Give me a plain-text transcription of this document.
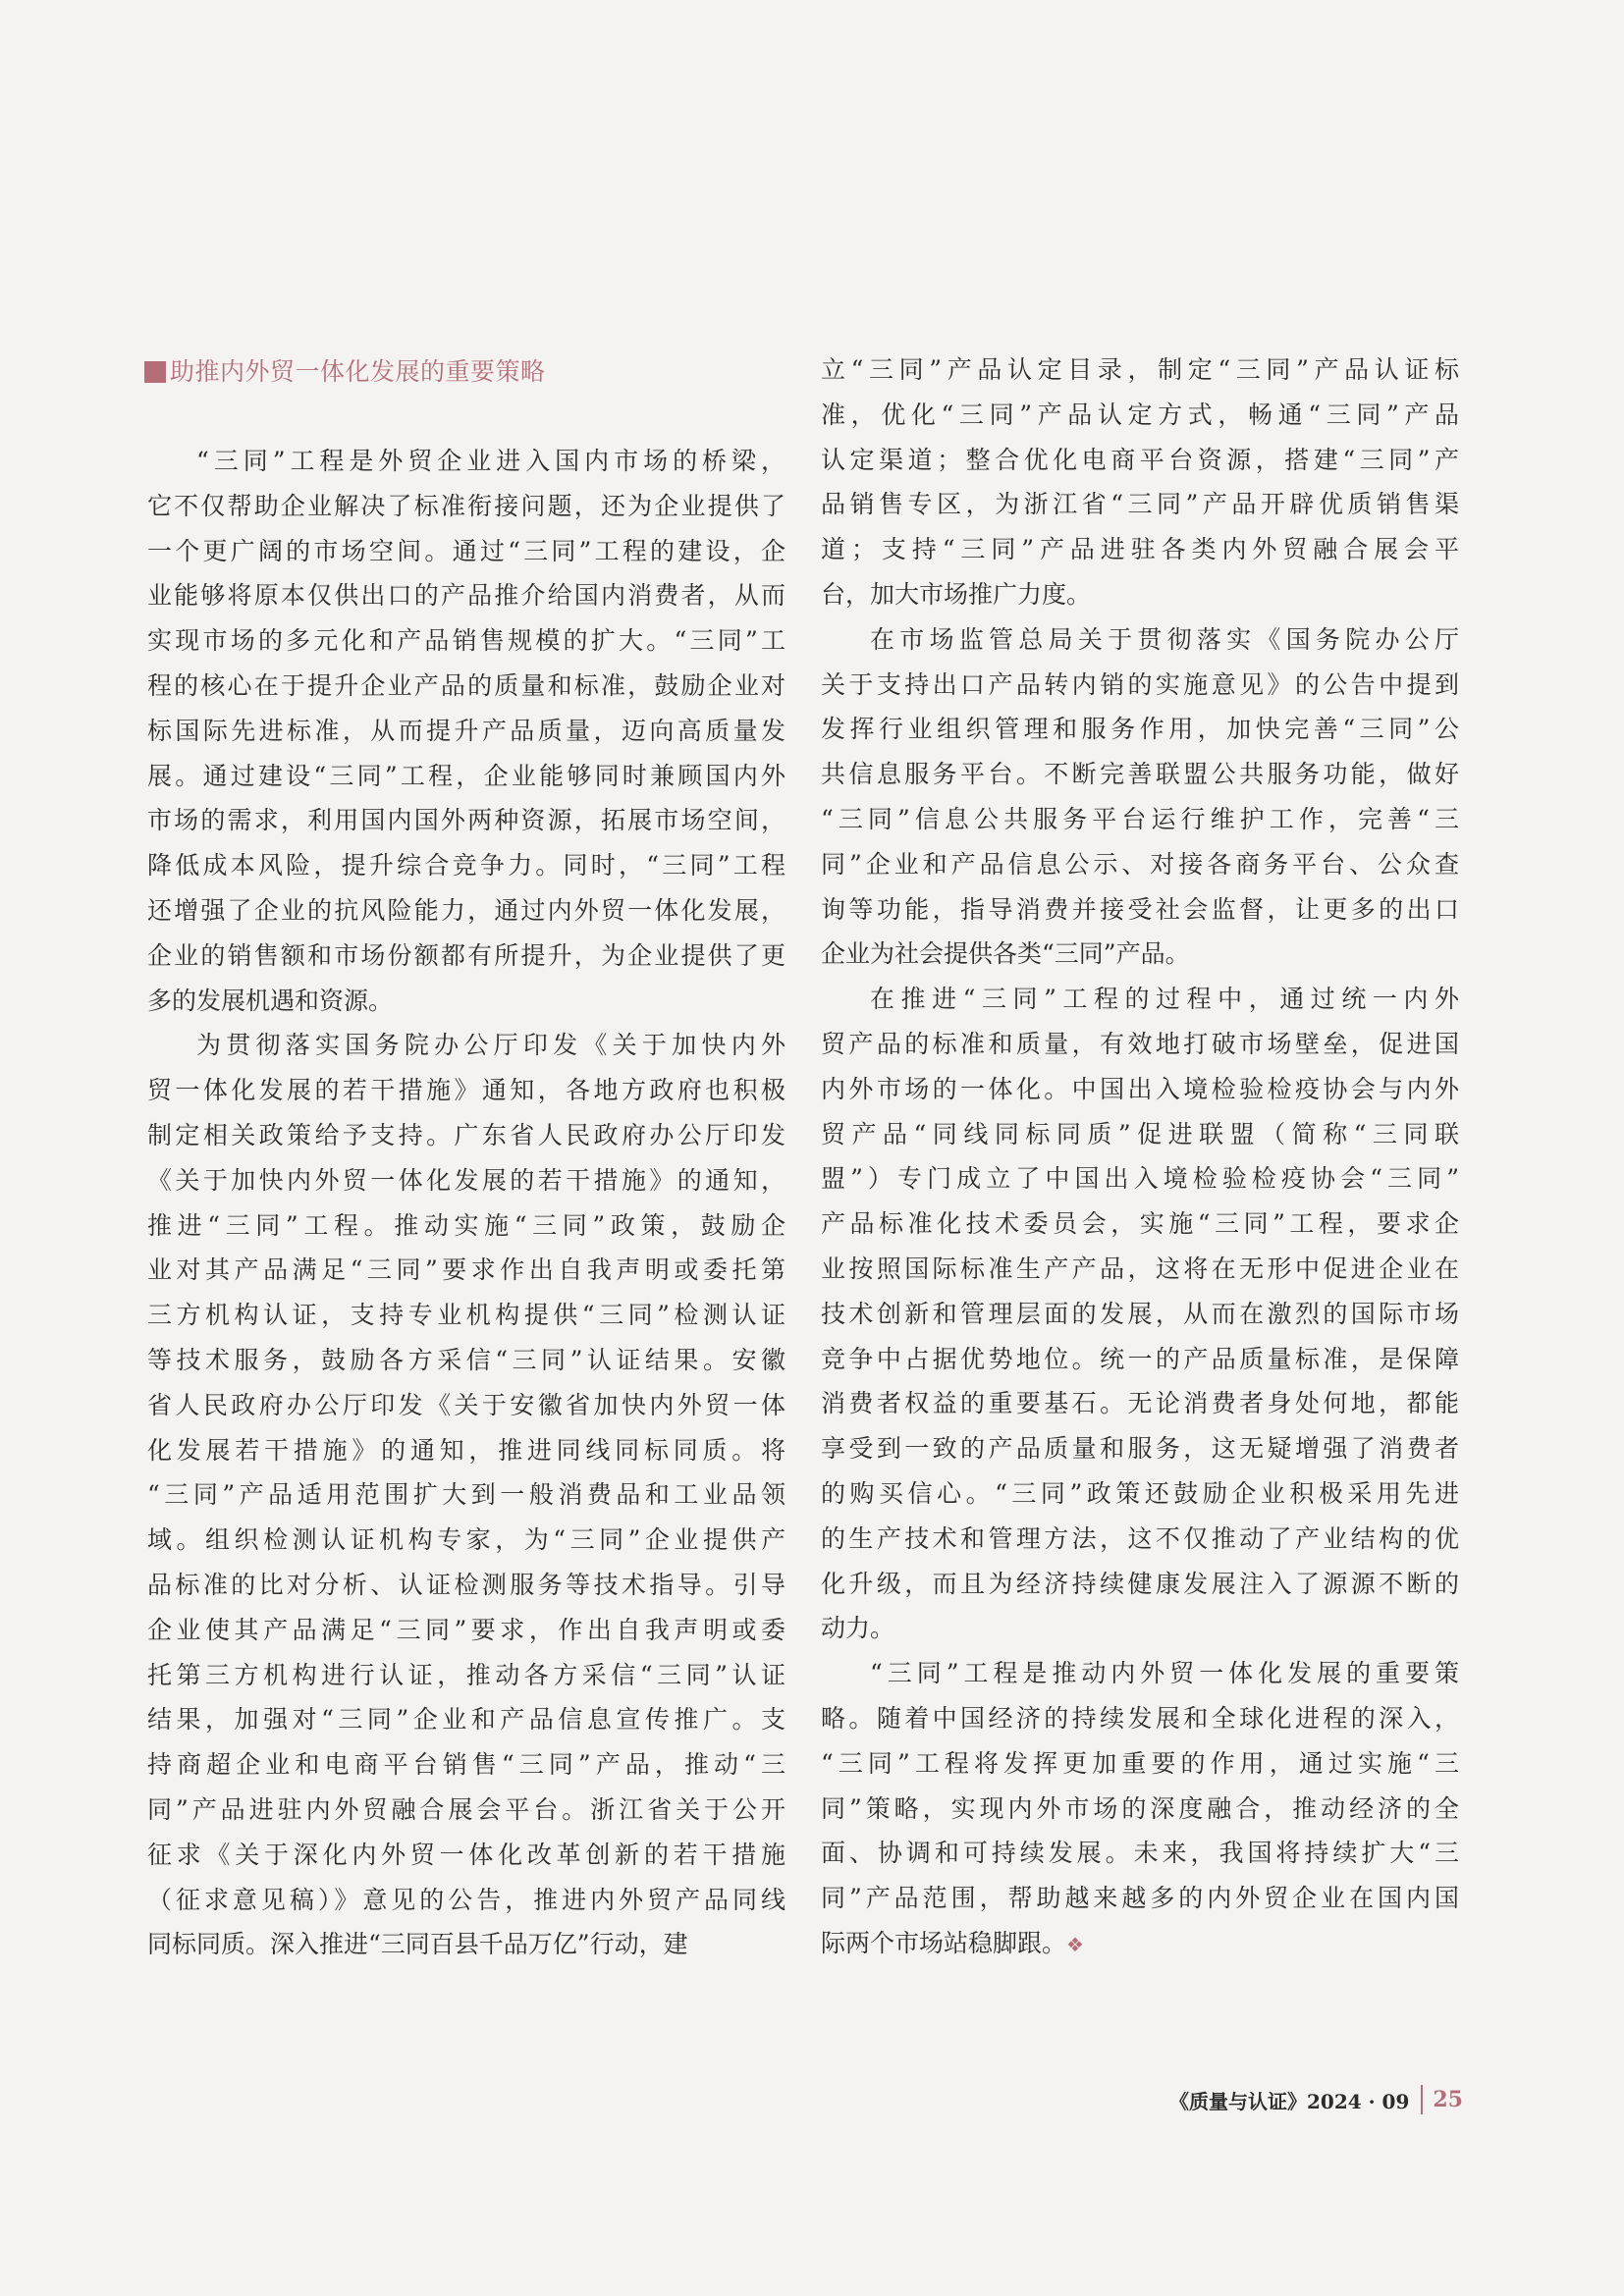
助推内外贸一体化发展的重要策略

“三同”工程是外贸企业进入国内市场的桥梁，
它不仅帮助企业解决了标准衔接问题，还为企业提供了
一个更广阔的市场空间。通过“三同”工程的建设，企
业能够将原本仅供出口的产品推介给国内消费者，从而
实现市场的多元化和产品销售规模的扩大。“三同”工
程的核心在于提升企业产品的质量和标准，鼓励企业对
标国际先进标准，从而提升产品质量，迈向高质量发
展。通过建设“三同”工程，企业能够同时兼顾国内外
市场的需求，利用国内国外两种资源，拓展市场空间，
降低成本风险，提升综合竞争力。同时，“三同”工程
还增强了企业的抗风险能力，通过内外贸一体化发展，
企业的销售额和市场份额都有所提升，为企业提供了更
多的发展机遇和资源。

为贯彻落实国务院办公厅印发《关于加快内外
贸一体化发展的若干措施》通知，各地方政府也积极
制定相关政策给予支持。广东省人民政府办公厅印发
《关于加快内外贸一体化发展的若干措施》的通知，
推进“三同”工程。推动实施“三同”政策，鼓励企
业对其产品满足“三同”要求作出自我声明或委托第
三方机构认证，支持专业机构提供“三同”检测认证
等技术服务，鼓励各方采信“三同”认证结果。安徽
省人民政府办公厅印发《关于安徽省加快内外贸一体
化发展若干措施》的通知，推进同线同标同质。将
“三同”产品适用范围扩大到一般消费品和工业品领
域。组织检测认证机构专家，为“三同”企业提供产
品标准的比对分析、认证检测服务等技术指导。引导
企业使其产品满足“三同”要求，作出自我声明或委
托第三方机构进行认证，推动各方采信“三同”认证
结果，加强对“三同”企业和产品信息宣传推广。支
持商超企业和电商平台销售“三同”产品，推动“三
同”产品进驻内外贸融合展会平台。浙江省关于公开
征求《关于深化内外贸一体化改革创新的若干措施
（征求意见稿）》意见的公告，推进内外贸产品同线
同标同质。深入推进“三同百县千品万亿”行动，建

立“三同”产品认定目录，制定“三同”产品认证标
准，优化“三同”产品认定方式，畅通“三同”产品
认定渠道；整合优化电商平台资源，搭建“三同”产
品销售专区，为浙江省“三同”产品开辟优质销售渠
道；支持“三同”产品进驻各类内外贸融合展会平
台，加大市场推广力度。

在市场监管总局关于贯彻落实《国务院办公厅
关于支持出口产品转内销的实施意见》的公告中提到
发挥行业组织管理和服务作用，加快完善“三同”公
共信息服务平台。不断完善联盟公共服务功能，做好
“三同”信息公共服务平台运行维护工作，完善“三
同”企业和产品信息公示、对接各商务平台、公众查
询等功能，指导消费并接受社会监督，让更多的出口
企业为社会提供各类“三同”产品。

在推进“三同”工程的过程中，通过统一内外
贸产品的标准和质量，有效地打破市场壁垒，促进国
内外市场的一体化。中国出入境检验检疫协会与内外
贸产品“同线同标同质”促进联盟（简称“三同联
盟”）专门成立了中国出入境检验检疫协会“三同”
产品标准化技术委员会，实施“三同”工程，要求企
业按照国际标准生产产品，这将在无形中促进企业在
技术创新和管理层面的发展，从而在激烈的国际市场
竞争中占据优势地位。统一的产品质量标准，是保障
消费者权益的重要基石。无论消费者身处何地，都能
享受到一致的产品质量和服务，这无疑增强了消费者
的购买信心。“三同”政策还鼓励企业积极采用先进
的生产技术和管理方法，这不仅推动了产业结构的优
化升级，而且为经济持续健康发展注入了源源不断的
动力。

“三同”工程是推动内外贸一体化发展的重要策
略。随着中国经济的持续发展和全球化进程的深入，
“三同”工程将发挥更加重要的作用，通过实施“三
同”策略，实现内外市场的深度融合，推动经济的全
面、协调和可持续发展。未来，我国将持续扩大“三
同”产品范围，帮助越来越多的内外贸企业在国内国
际两个市场站稳脚跟。❖

《质量与认证》2024 · 09 25
